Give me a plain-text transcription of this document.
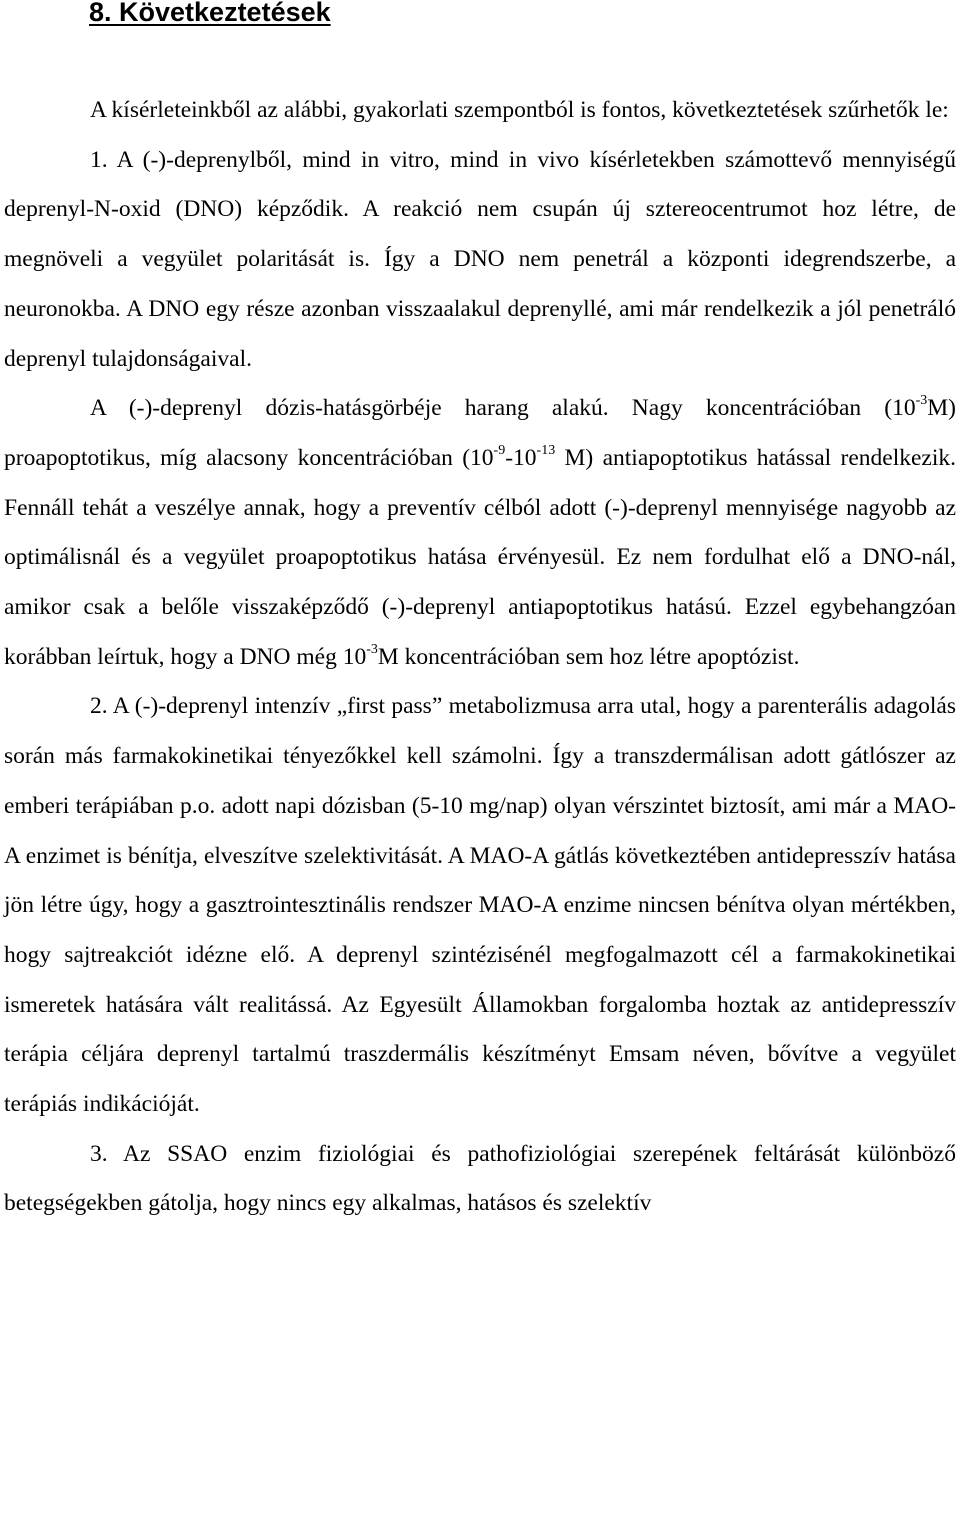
8. Következtetések

A kísérleteinkből az alábbi, gyakorlati szempontból is fontos, következtetések szűrhetők le:

1. A (-)-deprenylből, mind in vitro, mind in vivo kísérletekben számottevő mennyiségű deprenyl-N-oxid (DNO) képződik. A reakció nem csupán új sztereocentrumot hoz létre, de megnöveli a vegyület polaritását is. Így a DNO nem penetrál a központi idegrendszerbe, a neuronokba. A DNO egy része azonban visszaalakul deprenyllé, ami már rendelkezik a jól penetráló deprenyl tulajdonságaival.

A (-)-deprenyl dózis-hatásgörbéje harang alakú. Nagy koncentrációban $(10^{-3}M)$ proapoptotikus, míg alacsony koncentrációban ($10^{-9}-10^{-13}$ M) antiapoptotikus hatással rendelkezik. Fennáll tehát a veszélye annak, hogy a preventív célból adott (-)-deprenyl mennyisége nagyobb az optimálisnál és a vegyület proapoptotikus hatása érvényesül. Ez nem fordulhat elő a DNO-nál, amikor csak a belőle visszaképződő (-)-deprenyl antiapoptotikus hatású. Ezzel egybehangzóan korábban leírtuk, hogy a DNO még $10^{-3}M$ koncentrációban sem hoz létre apoptózist.

2. A (-)-deprenyl intenzív „first pass” metabolizmusa arra utal, hogy a parenterális adagolás során más farmakokinetikai tényezőkkel kell számolni. Így a transzdermálisan adott gátlószer az emberi terápiában p.o. adott napi dózisban (5-10 mg/nap) olyan vérszintet biztosít, ami már a MAO-A enzimet is bénítja, elveszítve szelektivitását. A MAO-A gátlás következtében antidepresszív hatása jön létre úgy, hogy a gasztrointesztinális rendszer MAO-A enzime nincsen bénítva olyan mértékben, hogy sajtreakciót idézne elő. A deprenyl szintézisénél megfogalmazott cél a farmakokinetikai ismeretek hatására vált realitássá. Az Egyesült Államokban forgalomba hoztak az antidepresszív terápia céljára deprenyl tartalmú traszdermális készítményt Emsam néven, bővítve a vegyület terápiás indikációját.

3. Az SSAO enzim fiziológiai és pathofiziológiai szerepének feltárását különböző betegségekben gátolja, hogy nincs egy alkalmas, hatásos és szelektív
